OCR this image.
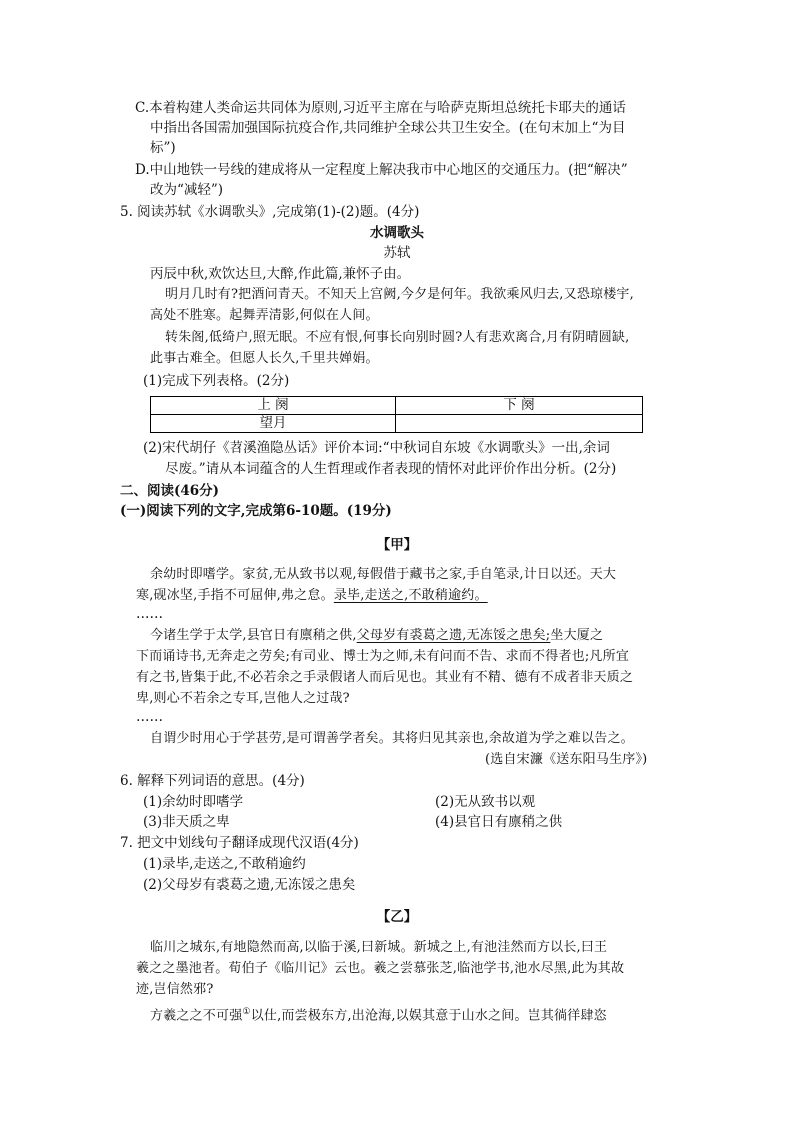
C.本着构建人类命运共同体为原则,习近平主席在与哈萨克斯坦总统托卡耶夫的通话
中指出各国需加强国际抗疫合作,共同维护全球公共卫生安全。(在句末加上“为目
标”)
D.中山地铁一号线的建成将从一定程度上解决我市中心地区的交通压力。(把“解决”
改为“减轻”)
5. 阅读苏轼《水调歌头》,完成第(1)-(2)题。(4分)
水调歌头
苏轼
丙辰中秋,欢饮达旦,大醉,作此篇,兼怀子由。
明月几时有?把酒问青天。不知天上宫阙,今夕是何年。我欲乘风归去,又恐琼楼宇,
高处不胜寒。起舞弄清影,何似在人间。
转朱阁,低绮户,照无眠。不应有恨,何事长向别时圆?人有悲欢离合,月有阴晴圆缺,
此事古难全。但愿人长久,千里共婵娟。
(1)完成下列表格。(2分)
上 阕	下 阕
望月	
(2)宋代胡仔《苕溪渔隐丛话》评价本词:“中秋词自东坡《水调歌头》一出,余词
尽废。”请从本词蕴含的人生哲理或作者表现的情怀对此评价作出分析。(2分)
二、阅读(46分)
(一)阅读下列的文字,完成第6-10题。(19分)
【甲】
余幼时即嗜学。家贫,无从致书以观,每假借于藏书之家,手自笔录,计日以还。天大
寒,砚冰坚,手指不可屈伸,弗之怠。录毕,走送之,不敢稍逾约。
……
今诸生学于太学,县官日有廪稍之供,父母岁有裘葛之遗,无冻馁之患矣;坐大厦之
下而诵诗书,无奔走之劳矣;有司业、博士为之师,未有问而不告、求而不得者也;凡所宜
有之书,皆集于此,不必若余之手录假诸人而后见也。其业有不精、德有不成者非天质之
卑,则心不若余之专耳,岂他人之过哉?
……
自谓少时用心于学甚劳,是可谓善学者矣。其将归见其亲也,余故道为学之难以告之。
(选自宋濂《送东阳马生序》)
6. 解释下列词语的意思。(4分)
(1)余幼时即嗜学	(2)无从致书以观
(3)非天质之卑	(4)县官日有廪稍之供
7. 把文中划线句子翻译成现代汉语(4分)
(1)录毕,走送之,不敢稍逾约
(2)父母岁有裘葛之遗,无冻馁之患矣
【乙】
临川之城东,有地隐然而高,以临于溪,曰新城。新城之上,有池洼然而方以长,曰王
羲之之墨池者。荀伯子《临川记》云也。羲之尝慕张芝,临池学书,池水尽黑,此为其故
迹,岂信然邪?
方羲之之不可强①以仕,而尝极东方,出沧海,以娱其意于山水之间。岂其徜徉肆恣
